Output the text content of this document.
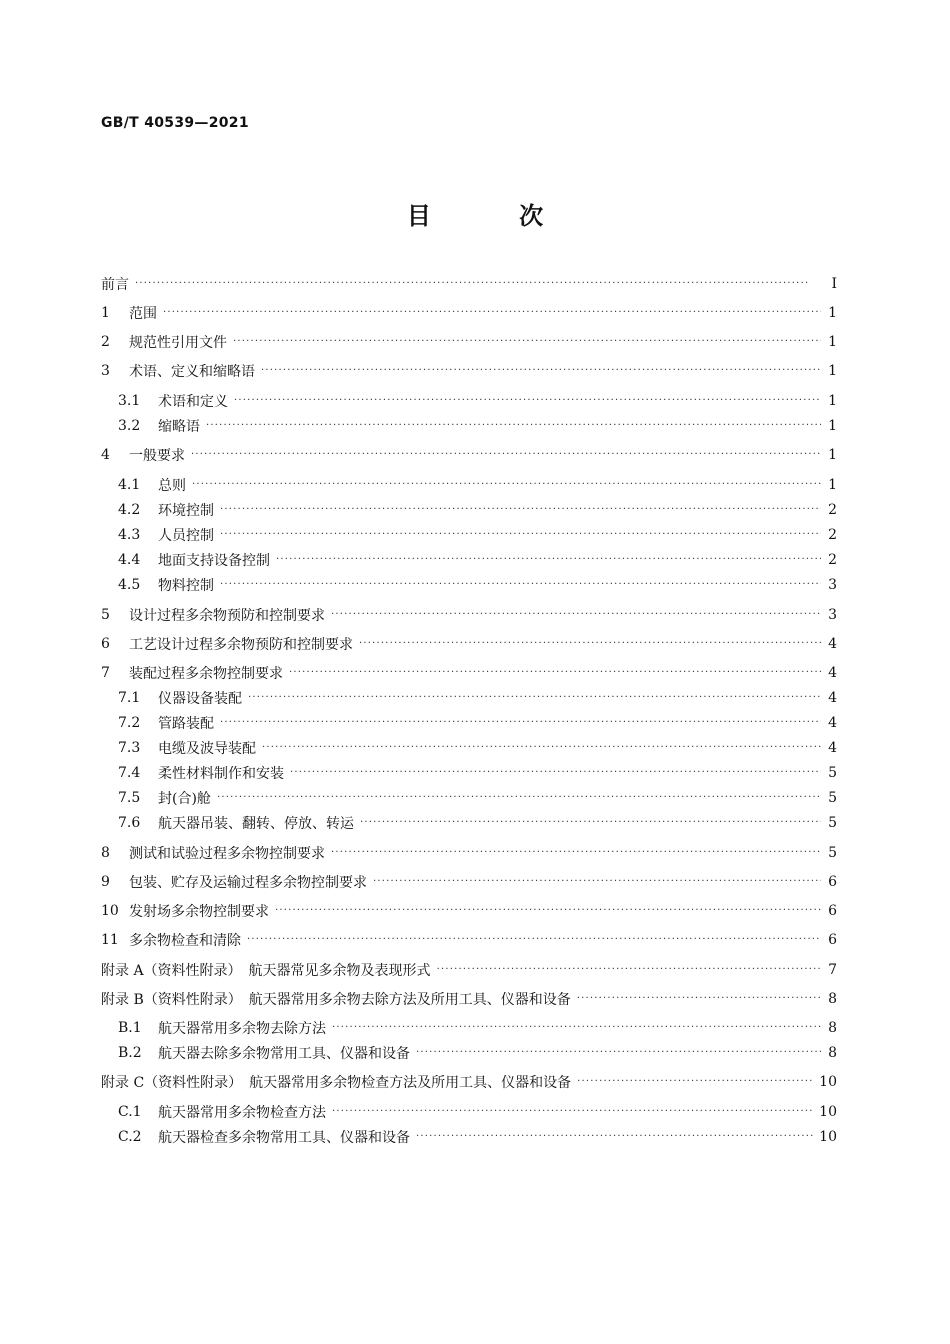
GB/T 40539—2021
目 次
前言 ·····	Ⅰ
1	范围 ·····	1
2	规范性引用文件 ·····	1
3	术语、定义和缩略语 ·····	1
3.1	术语和定义 ·····	1
3.2	缩略语 ·····	1
4	一般要求 ·····	1
4.1	总则 ·····	1
4.2	环境控制 ·····	2
4.3	人员控制 ·····	2
4.4	地面支持设备控制 ·····	2
4.5	物料控制 ·····	3
5	设计过程多余物预防和控制要求 ·····	3
6	工艺设计过程多余物预防和控制要求 ·····	4
7	装配过程多余物控制要求 ·····	4
7.1	仪器设备装配 ·····	4
7.2	管路装配 ·····	4
7.3	电缆及波导装配 ·····	4
7.4	柔性材料制作和安装 ·····	5
7.5	封(合)舱 ·····	5
7.6	航天器吊装、翻转、停放、转运 ·····	5
8	测试和试验过程多余物控制要求 ·····	5
9	包装、贮存及运输过程多余物控制要求 ·····	6
10 发射场多余物控制要求 ·····	6
11 多余物检查和清除 ·····	6
附录 A（资料性附录）　航天器常见多余物及表现形式 ·····	7
附录 B（资料性附录）　航天器常用多余物去除方法及所用工具、仪器和设备 ·····	8
B.1	航天器常用多余物去除方法 ·····	8
B.2	航天器去除多余物常用工具、仪器和设备 ·····	8
附录 C（资料性附录）　航天器常用多余物检查方法及所用工具、仪器和设备 ·····	10
C.1	航天器常用多余物检查方法 ·····	10
C.2	航天器检查多余物常用工具、仪器和设备 ·····	10
